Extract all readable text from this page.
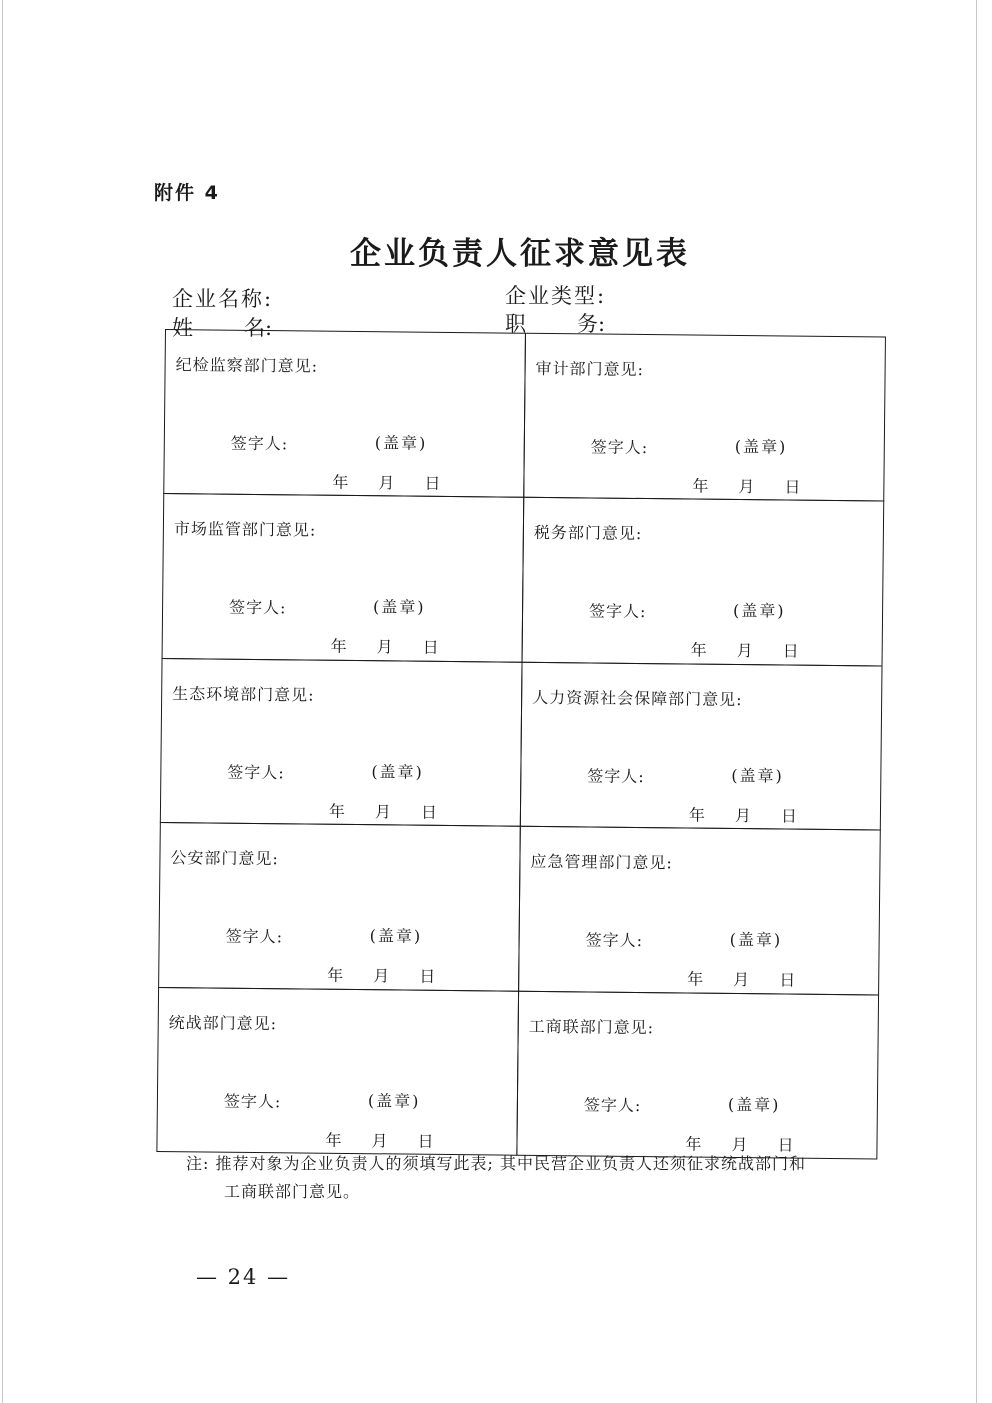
附件 4
企业负责人征求意见表
企业名称:	企业类型:
姓 名:	职 务:
纪检监察部门意见:
签字人:	(盖章)
年 月 日
审计部门意见:
签字人:	(盖章)
年 月 日
市场监管部门意见:
签字人:	(盖章)
年 月 日
税务部门意见:
签字人:	(盖章)
年 月 日
生态环境部门意见:
签字人:	(盖章)
年 月 日
人力资源社会保障部门意见:
签字人:	(盖章)
年 月 日
公安部门意见:
签字人:	(盖章)
年 月 日
应急管理部门意见:
签字人:	(盖章)
年 月 日
统战部门意见:
签字人:	(盖章)
年 月 日
工商联部门意见:
签字人:	(盖章)
年 月 日
注: 推荐对象为企业负责人的须填写此表; 其中民营企业负责人还须征求统战部门和
工商联部门意见。
— 24 —
